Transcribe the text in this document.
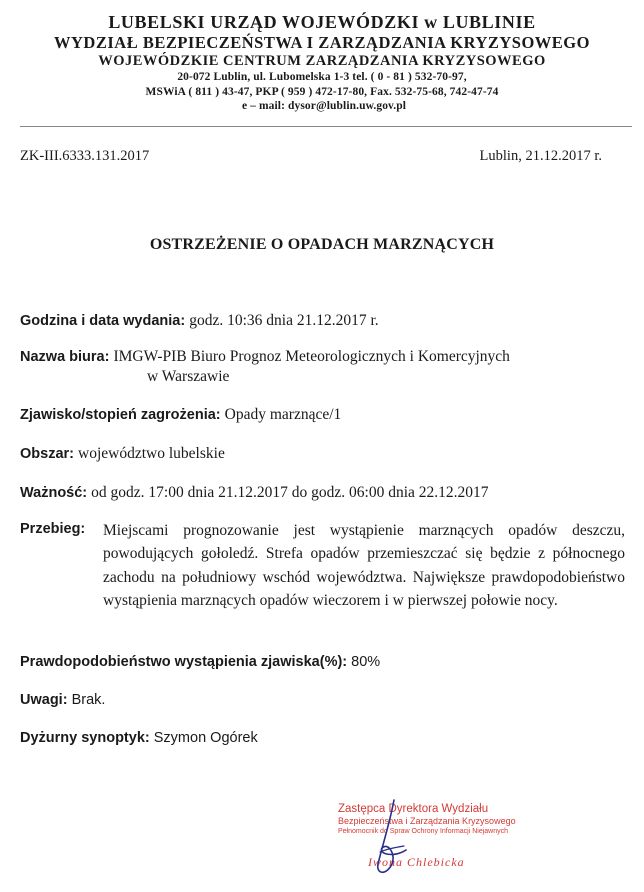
LUBELSKI URZĄD WOJEWÓDZKI w LUBLINIE
WYDZIAŁ BEZPIECZEŃSTWA I ZARZĄDZANIA KRYZYSOWEGO
WOJEWÓDZKIE CENTRUM ZARZĄDZANIA KRYZYSOWEGO
20-072 Lublin, ul. Lubomelska 1-3 tel. ( 0 - 81 ) 532-70-97,
MSWiA ( 811 ) 43-47, PKP ( 959 ) 472-17-80, Fax. 532-75-68, 742-47-74
e – mail: dysor@lublin.uw.gov.pl
ZK-III.6333.131.2017	Lublin, 21.12.2017 r.
OSTRZEŻENIE O OPADACH MARZNĄCYCH
Godzina i data wydania: godz. 10:36 dnia 21.12.2017 r.
Nazwa biura: IMGW-PIB Biuro Prognoz Meteorologicznych i Komercyjnych
w Warszawie
Zjawisko/stopień zagrożenia: Opady marznące/1
Obszar: województwo lubelskie
Ważność: od godz. 17:00 dnia 21.12.2017 do godz. 06:00 dnia 22.12.2017
Przebieg: Miejscami prognozowanie jest wystąpienie marznących opadów deszczu, powodujących gołoledź. Strefa opadów przemieszczać się będzie z północnego zachodu na południowy wschód województwa. Największe prawdopodobieństwo wystąpienia marznących opadów wieczorem i w pierwszej połowie nocy.
Prawdopodobieństwo wystąpienia zjawiska(%): 80%
Uwagi: Brak.
Dyżurny synoptyk: Szymon Ogórek
Zastępca Dyrektora Wydziału
Bezpieczeństwa i Zarządzania Kryzysowego
Pełnomocnik do Spraw Ochrony Informacji Niejawnych
Iwona Chlebicka
